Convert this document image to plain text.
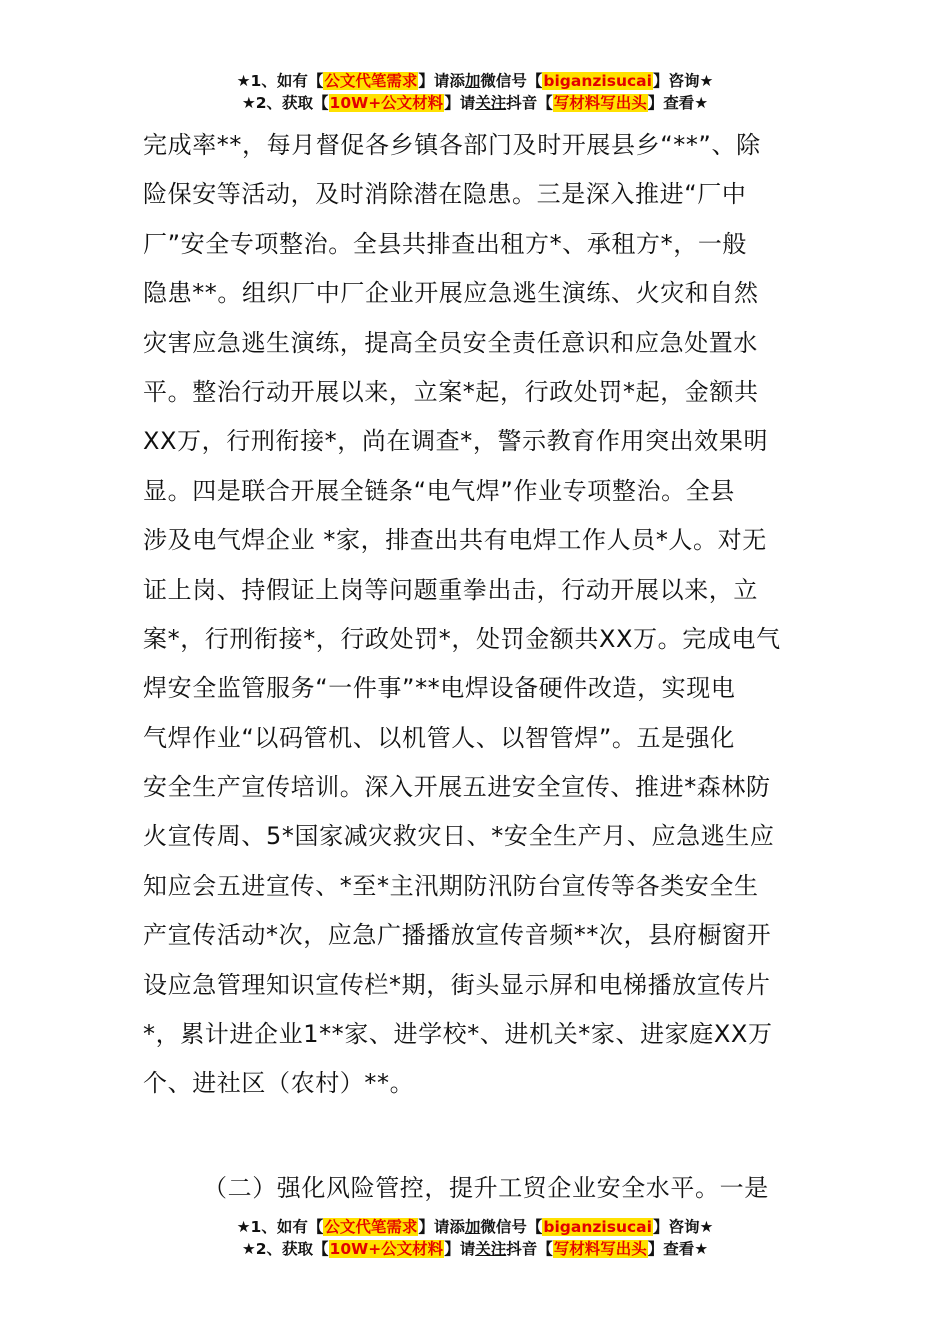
★1、如有【公文代笔需求】请添加微信号【biganzisucai】咨询★
★2、获取【10W+公文材料】请关注抖音【写材料写出头】查看★
完成率**，每月督促各乡镇各部门及时开展县乡“**”、除
险保安等活动，及时消除潜在隐患。三是深入推进“厂中
厂”安全专项整治。全县共排查出租方*、承租方*，一般
隐患**。组织厂中厂企业开展应急逃生演练、火灾和自然
灾害应急逃生演练，提高全员安全责任意识和应急处置水
平。整治行动开展以来，立案*起，行政处罚*起，金额共
XX万，行刑衔接*，尚在调查*，警示教育作用突出效果明
显。四是联合开展全链条“电气焊”作业专项整治。全县
涉及电气焊企业 *家，排查出共有电焊工作人员*人。对无
证上岗、持假证上岗等问题重拳出击，行动开展以来，立
案*，行刑衔接*，行政处罚*，处罚金额共XX万。完成电气
焊安全监管服务“一件事”**电焊设备硬件改造，实现电
气焊作业“以码管机、以机管人、以智管焊”。五是强化
安全生产宣传培训。深入开展五进安全宣传、推进*森林防
火宣传周、5*国家减灾救灾日、*安全生产月、应急逃生应
知应会五进宣传、*至*主汛期防汛防台宣传等各类安全生
产宣传活动*次，应急广播播放宣传音频**次，县府橱窗开
设应急管理知识宣传栏*期，街头显示屏和电梯播放宣传片
*，累计进企业1**家、进学校*、进机关*家、进家庭XX万
个、进社区（农村）**。
（二）强化风险管控，提升工贸企业安全水平。一是
★1、如有【公文代笔需求】请添加微信号【biganzisucai】咨询★
★2、获取【10W+公文材料】请关注抖音【写材料写出头】查看★
